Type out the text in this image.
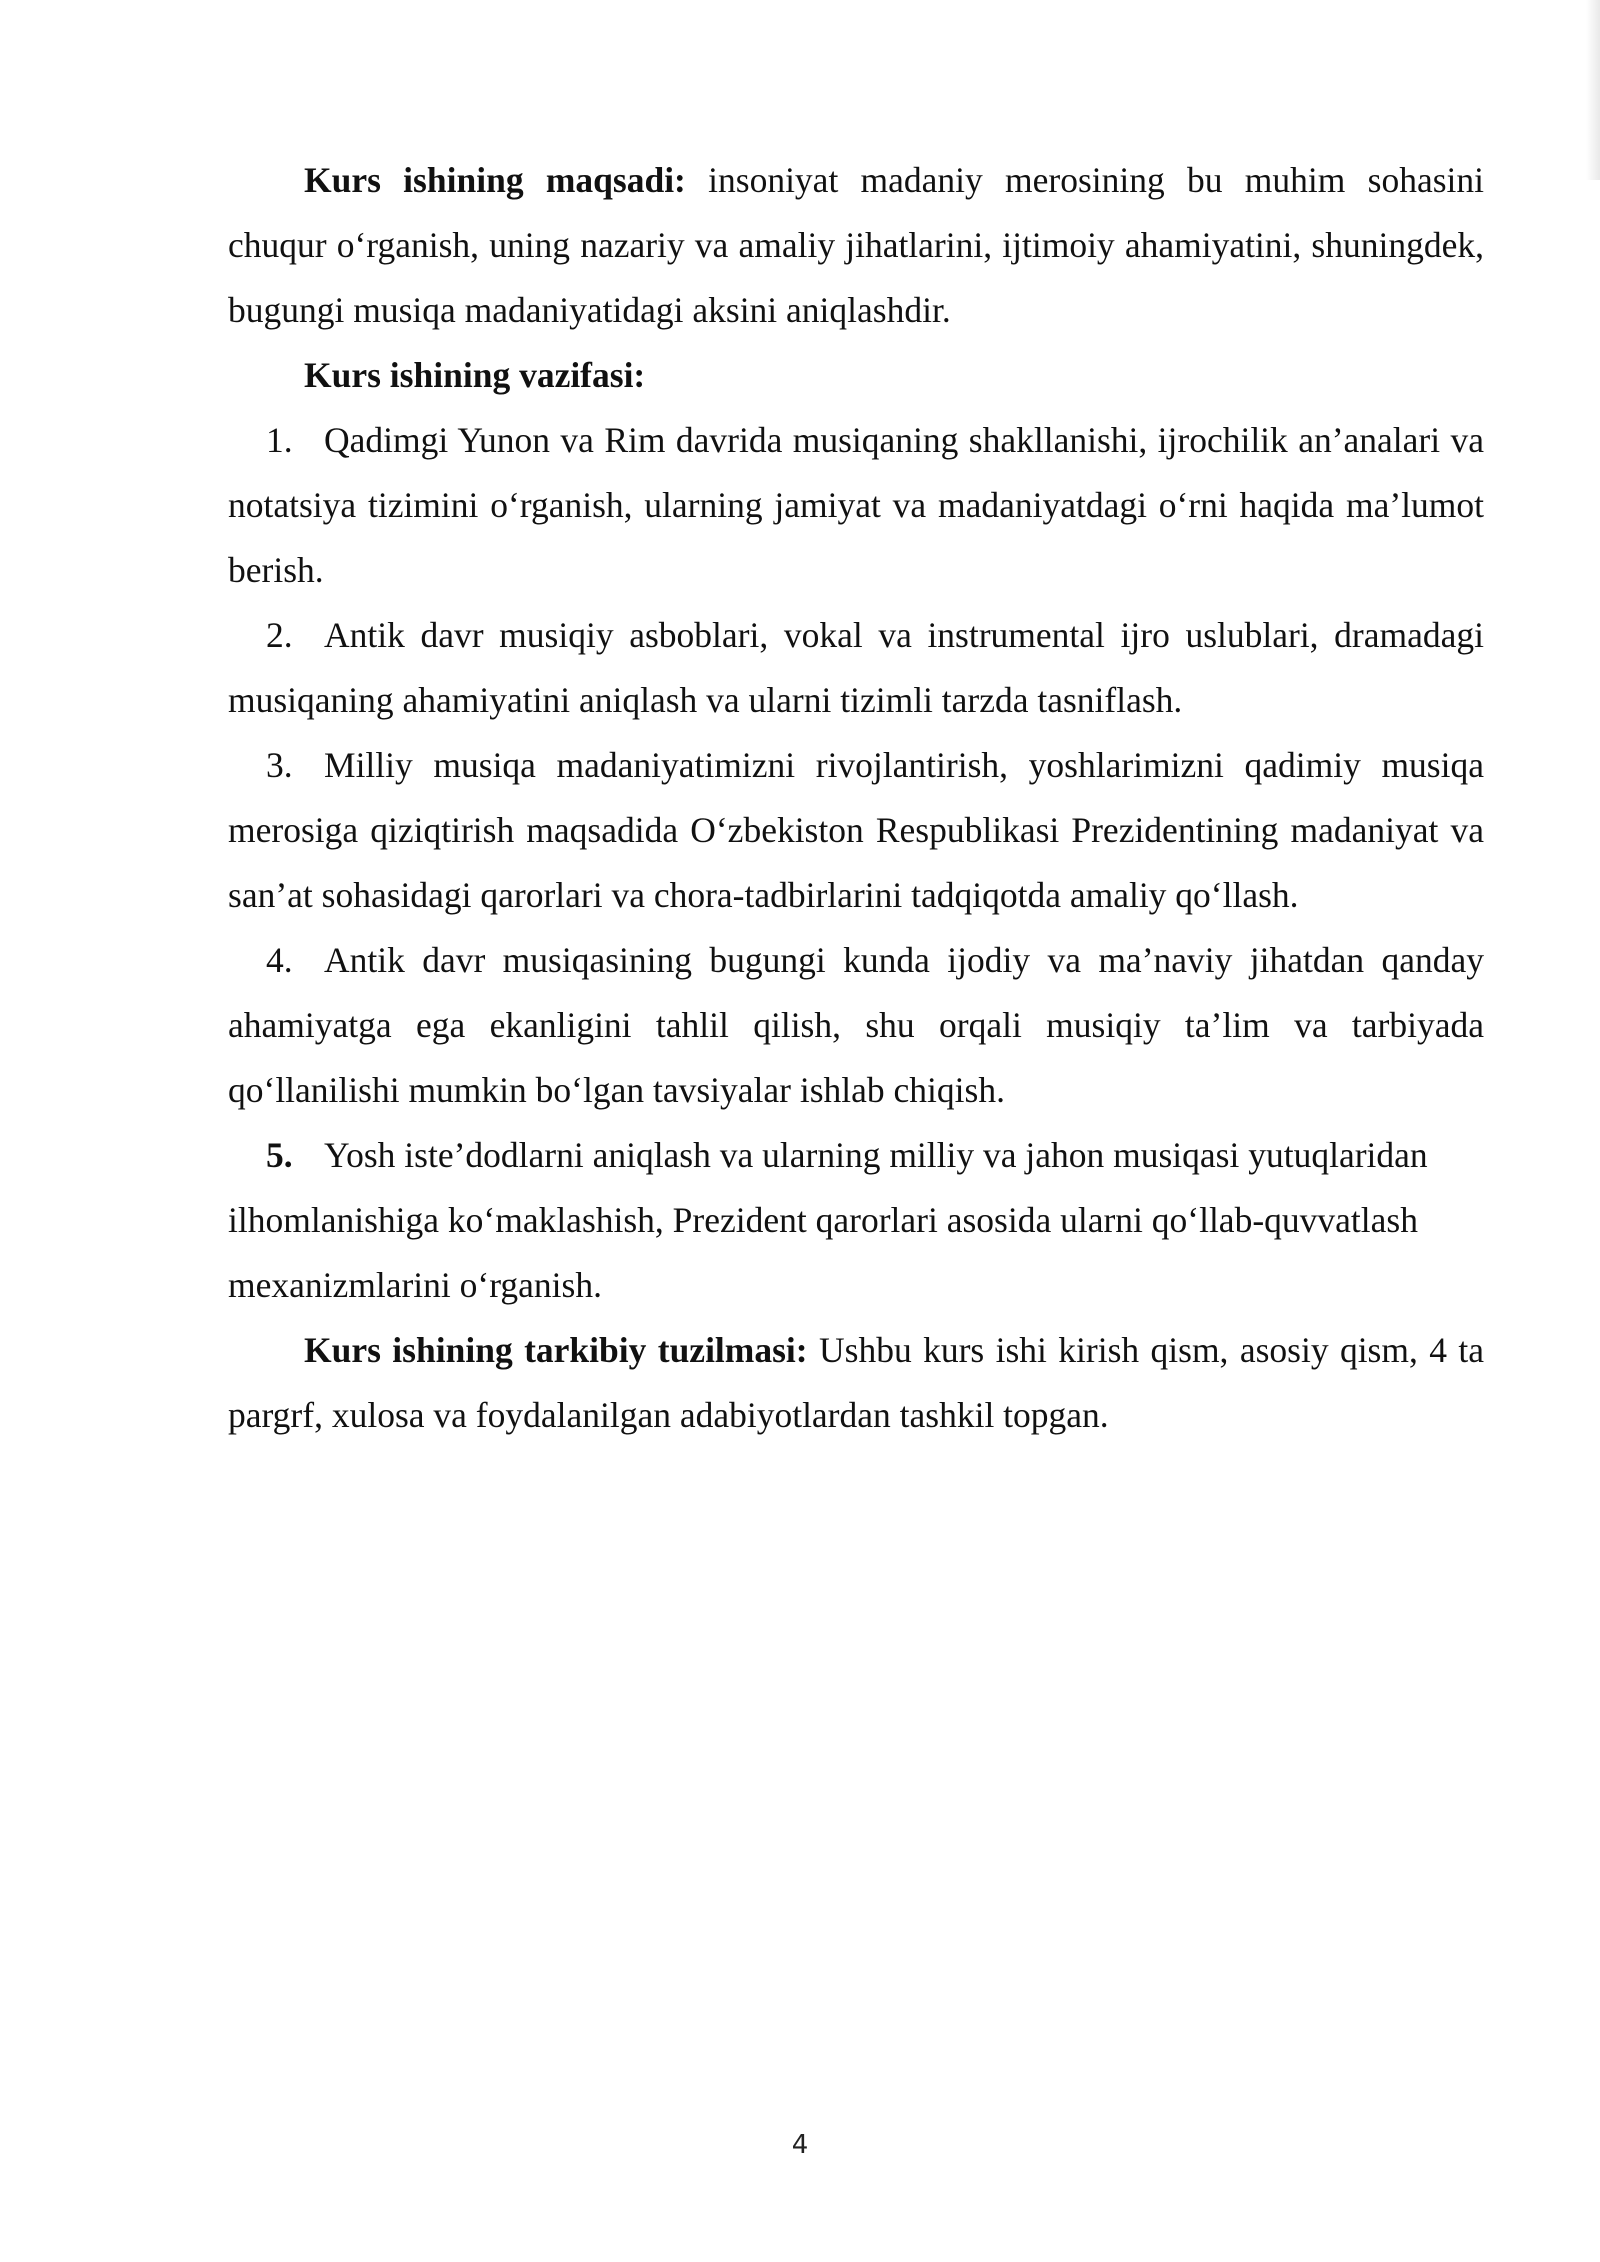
Kurs ishining maqsadi: insoniyat madaniy merosining bu muhim sohasini chuqur o‘rganish, uning nazariy va amaliy jihatlarini, ijtimoiy ahamiyatini, shuningdek, bugungi musiqa madaniyatidagi aksini aniqlashdir.

Kurs ishining vazifasi:

1. Qadimgi Yunon va Rim davrida musiqaning shakllanishi, ijrochilik an’analari va notatsiya tizimini o‘rganish, ularning jamiyat va madaniyatdagi o‘rni haqida ma’lumot berish.

2. Antik davr musiqiy asboblari, vokal va instrumental ijro uslublari, dramadagi musiqaning ahamiyatini aniqlash va ularni tizimli tarzda tasniflash.

3. Milliy musiqa madaniyatimizni rivojlantirish, yoshlarimizni qadimiy musiqa merosiga qiziqtirish maqsadida O‘zbekiston Respublikasi Prezidentining madaniyat va san’at sohasidagi qarorlari va chora-tadbirlarini tadqiqotda amaliy qo‘llash.

4. Antik davr musiqasining bugungi kunda ijodiy va ma’naviy jihatdan qanday ahamiyatga ega ekanligini tahlil qilish, shu orqali musiqiy ta’lim va tarbiyada qo‘llanilishi mumkin bo‘lgan tavsiyalar ishlab chiqish.

5. Yosh iste’dodlarni aniqlash va ularning milliy va jahon musiqasi yutuqlaridan ilhomlanishiga ko‘maklashish, Prezident qarorlari asosida ularni qo‘llab-quvvatlash mexanizmlarini o‘rganish.

Kurs ishining tarkibiy tuzilmasi: Ushbu kurs ishi kirish qism, asosiy qism, 4 ta pargrf, xulosa va foydalanilgan adabiyotlardan tashkil topgan.

4
